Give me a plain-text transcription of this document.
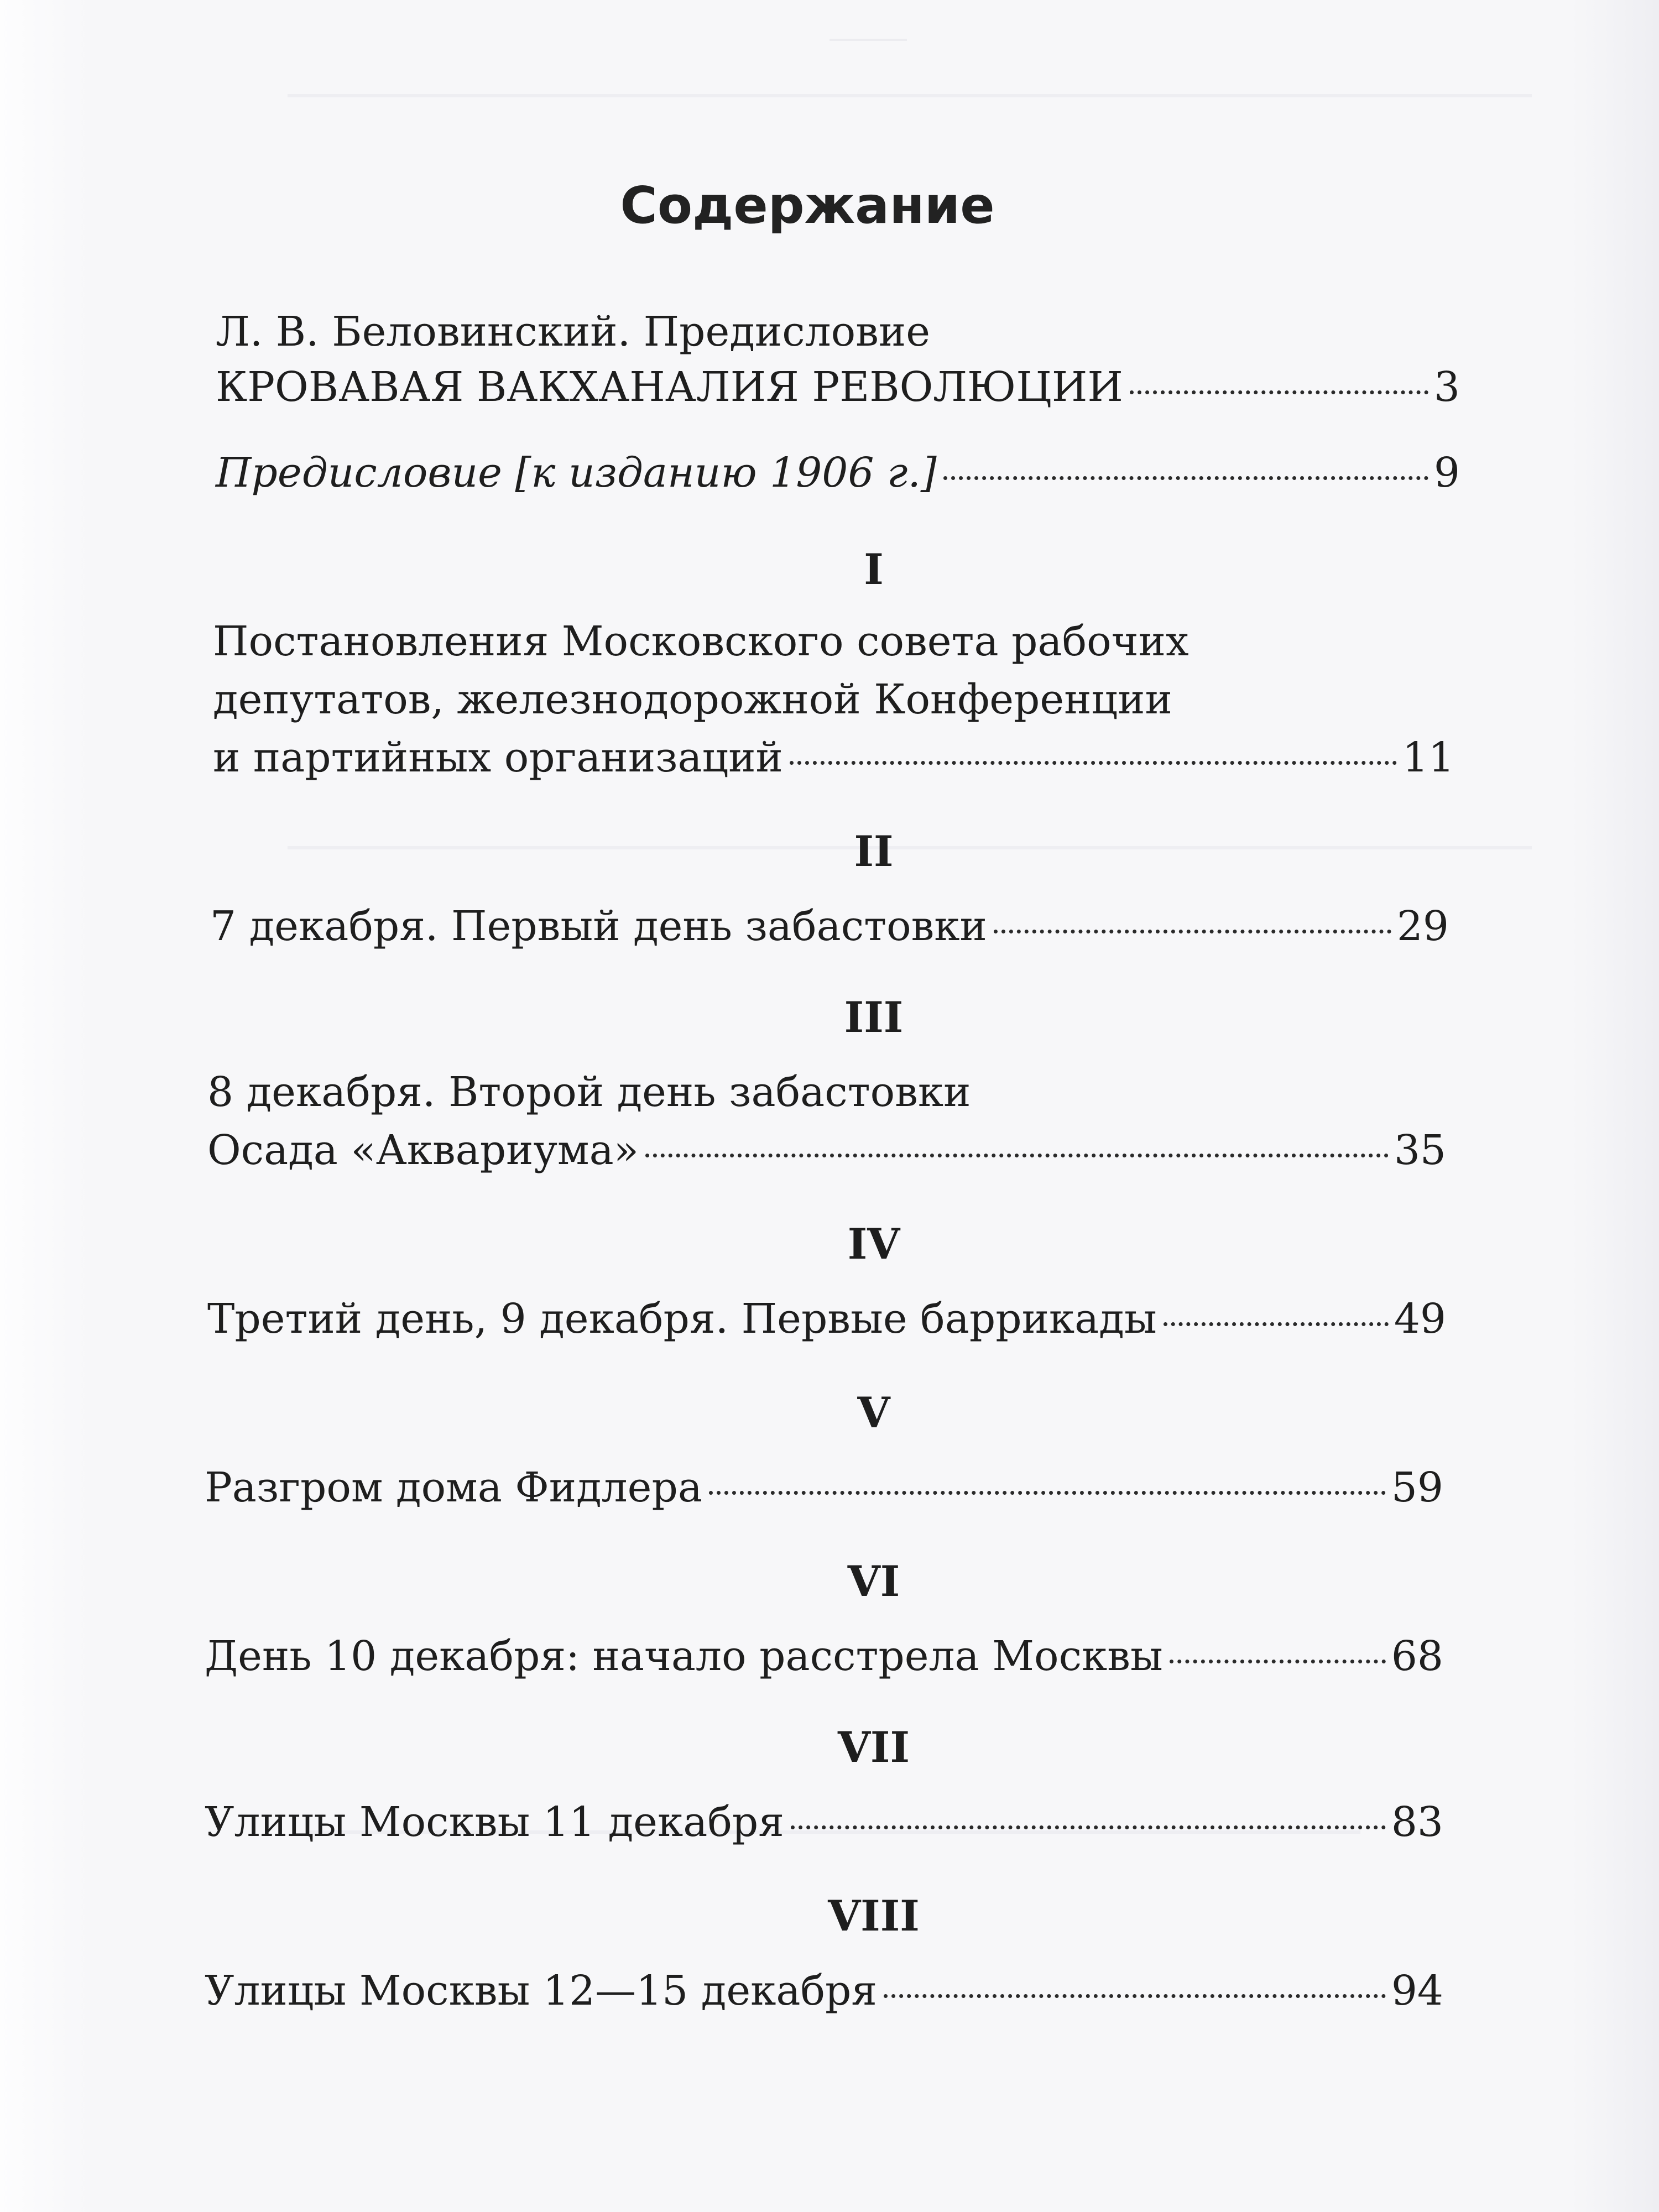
Содержание
Л. В. Беловинский. Предисловие
КРОВАВАЯ ВАКХАНАЛИЯ РЕВОЛЮЦИИ	3
Предисловие [к изданию 1906 г.]	9
I
Постановления Московского совета рабочих
депутатов, железнодорожной Конференции
и партийных организаций	11
II
7 декабря. Первый день забастовки	29
III
8 декабря. Второй день забастовки
Осада «Аквариума»	35
IV
Третий день, 9 декабря. Первые баррикады	49
V
Разгром дома Фидлера	59
VI
День 10 декабря: начало расстрела Москвы	68
VII
Улицы Москвы 11 декабря	83
VIII
Улицы Москвы 12—15 декабря	94
